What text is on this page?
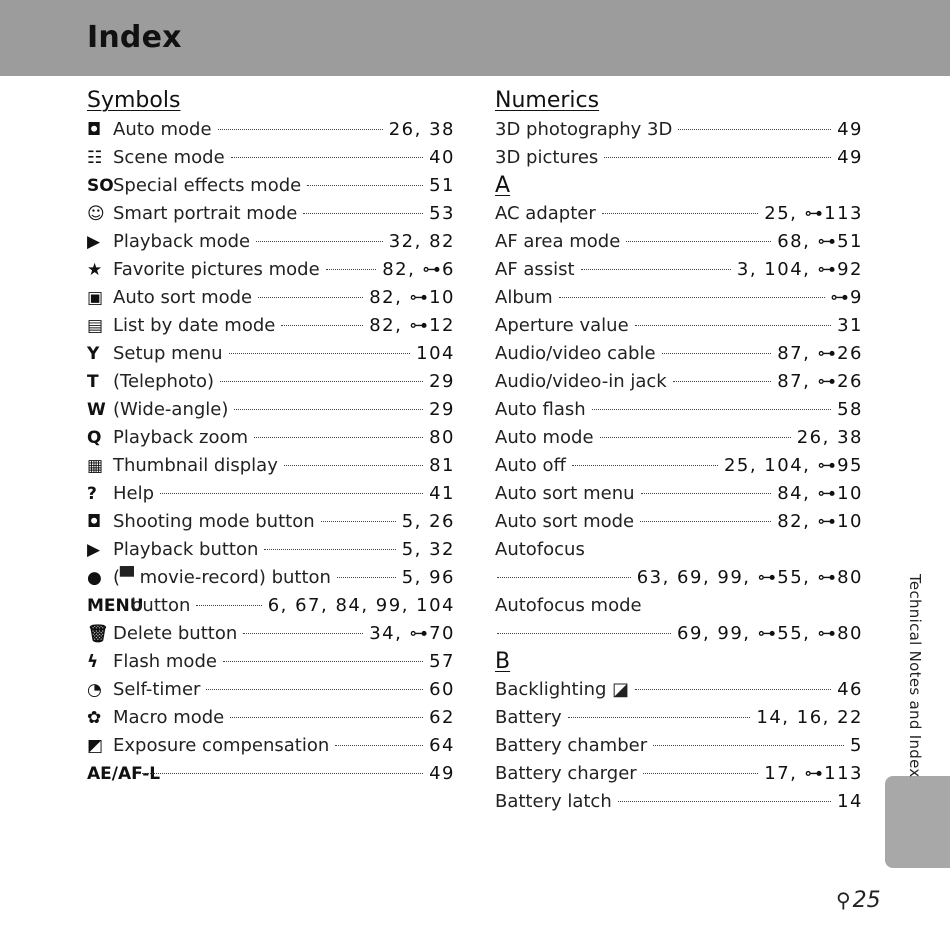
Index
Symbols
◘ Auto mode	26, 38
☷ Scene mode	40
SO Special effects mode	51
☺ Smart portrait mode	53
▶ Playback mode	32, 82
★ Favorite pictures mode	82, ⊶6
▣ Auto sort mode	82, ⊶10
▤ List by date mode	82, ⊶12
Y Setup menu	104
T (Telephoto)	29
W (Wide-angle)	29
Q Playback zoom	80
▦ Thumbnail display	81
? Help	41
◘ Shooting mode button	5, 26
▶ Playback button	5, 32
● (▀ movie-record) button	5, 96
MENU
button	6, 67, 84, 99, 104
🗑 Delete button	34, ⊶70
ϟ Flash mode	57
◔ Self-timer	60
✿ Macro mode	62
◩ Exposure compensation	64
AE/AF-L	49
Numerics
3D photography 3D	49
3D pictures	49
A
AC adapter	25, ⊶113
AF area mode	68, ⊶51
AF assist	3, 104, ⊶92
Album	⊶9
Aperture value	31
Audio/video cable	87, ⊶26
Audio/video-in jack	87, ⊶26
Auto flash	58
Auto mode	26, 38
Auto off	25, 104, ⊶95
Auto sort menu	84, ⊶10
Auto sort mode	82, ⊶10
Autofocus
63, 69, 99, ⊶55, ⊶80
Autofocus mode
69, 99, ⊶55, ⊶80
B
Backlighting ◪	46
Battery	14, 16, 22
Battery chamber	5
Battery charger	17, ⊶113
Battery latch	14
Technical Notes and Index
⚲25
